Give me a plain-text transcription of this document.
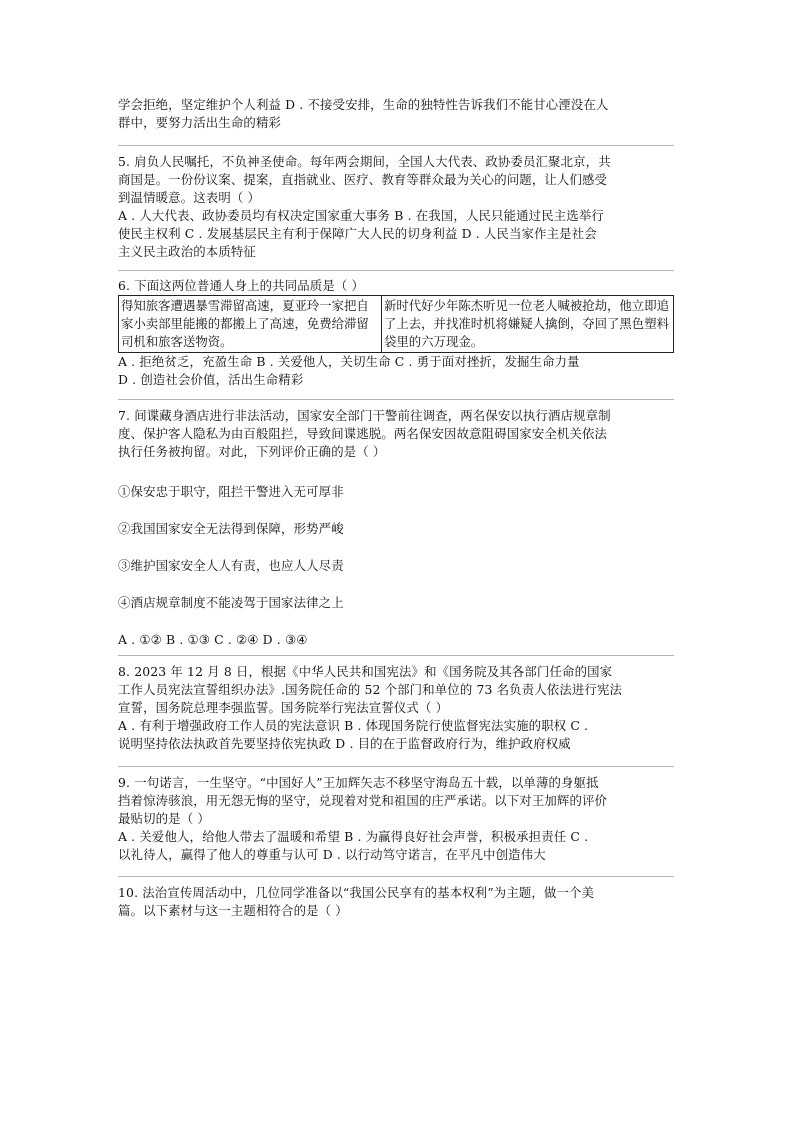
学会拒绝，坚定维护个人利益 D . 不接受安排，生命的独特性告诉我们不能甘心湮没在人

群中，要努力活出生命的精彩

5. 肩负人民嘱托，不负神圣使命。每年两会期间，全国人大代表、政协委员汇聚北京，共

商国是。一份份议案、提案，直指就业、医疗、教育等群众最为关心的问题，让人们感受

到温情暖意。这表明（ ）

A . 人大代表、政协委员均有权决定国家重大事务 B . 在我国，人民只能通过民主选举行

使民主权利 C . 发展基层民主有利于保障广大人民的切身利益 D . 人民当家作主是社会

主义民主政治的本质特征

6. 下面这两位普通人身上的共同品质是（ ）

得知旅客遭遇暴雪滞留高速，夏亚玲一家把自家小卖部里能搬的都搬上了高速，免费给滞留司机和旅客送物资。	新时代好少年陈杰听见一位老人喊被抢劫，他立即追了上去，并找准时机将嫌疑人擒倒，夺回了黑色塑料袋里的六万现金。

A . 拒绝贫乏，充盈生命 B . 关爱他人，关切生命 C . 勇于面对挫折，发掘生命力量

D . 创造社会价值，活出生命精彩

7. 间谍藏身酒店进行非法活动，国家安全部门干警前往调查，两名保安以执行酒店规章制

度、保护客人隐私为由百般阻拦，导致间谍逃脱。两名保安因故意阻碍国家安全机关依法

执行任务被拘留。对此，下列评价正确的是（ ）

①保安忠于职守，阻拦干警进入无可厚非

②我国国家安全无法得到保障，形势严峻

③维护国家安全人人有责，也应人人尽责

④酒店规章制度不能凌驾于国家法律之上

A . ①② B . ①③ C . ②④ D . ③④

8. 2023 年 12 月 8 日，根据《中华人民共和国宪法》和《国务院及其各部门任命的国家

工作人员宪法宣誓组织办法》.国务院任命的 52 个部门和单位的 73 名负责人依法进行宪法

宣誓，国务院总理李强监誓。国务院举行宪法宣誓仪式（ ）

A . 有利于增强政府工作人员的宪法意识 B . 体现国务院行使监督宪法实施的职权 C .

说明坚持依法执政首先要坚持依宪执政 D . 目的在于监督政府行为，维护政府权威

9. 一句诺言，一生坚守。“中国好人”王加辉矢志不移坚守海岛五十载，以单薄的身躯抵

挡着惊涛骇浪，用无怨无悔的坚守，兑现着对党和祖国的庄严承诺。以下对王加辉的评价

最贴切的是（ ）

A . 关爱他人，给他人带去了温暖和希望 B . 为赢得良好社会声誉，积极承担责任 C .

以礼待人，赢得了他人的尊重与认可 D . 以行动笃守诺言，在平凡中创造伟大

10. 法治宣传周活动中，几位同学准备以“我国公民享有的基本权利”为主题，做一个美

篇。以下素材与这一主题相符合的是（ ）
